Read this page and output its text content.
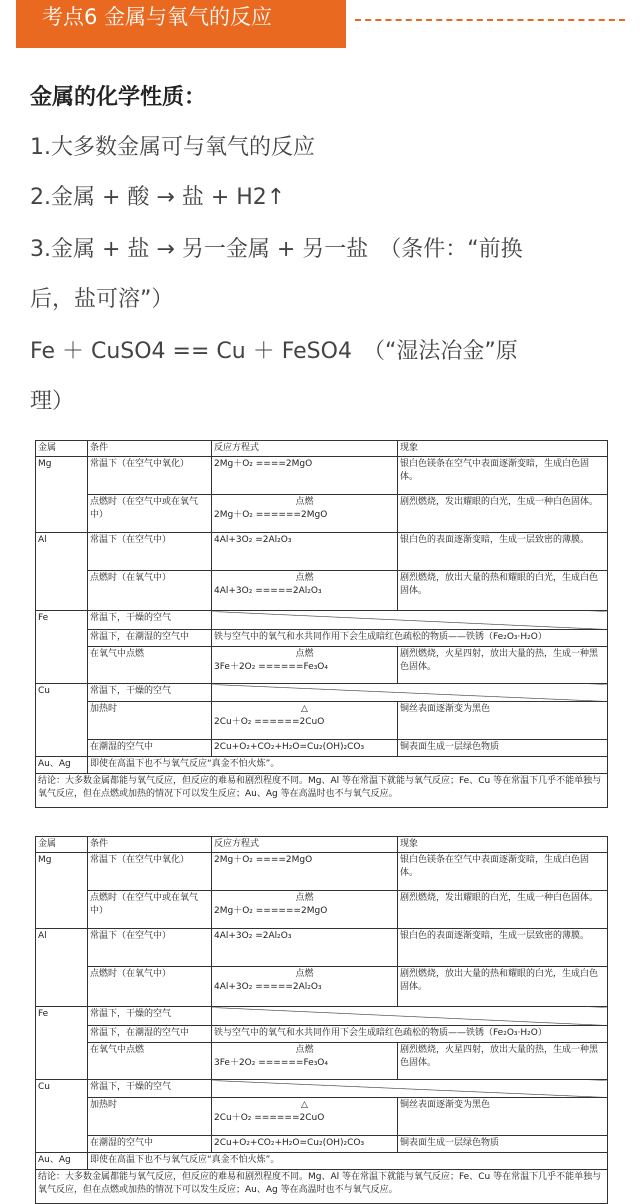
考点6 金属与氧气的反应
金属的化学性质：
1.大多数金属可与氧气的反应
2.金属 + 酸 → 盐 + H2↑
3.金属 + 盐 → 另一金属 + 另一盐　（条件：“前换
后，盐可溶”）
Fe ＋ CuSO4 == Cu ＋ FeSO4　（“湿法冶金”原
理）
金属	条件	反应方程式	现象
Mg	常温下（在空气中氧化）	2Mg＋O₂ ====2MgO	银白色镁条在空气中表面逐渐变暗，生成白色固体。
	点燃时（在空气中或在氧气中）	点燃
2Mg＋O₂ ======2MgO	剧烈燃烧，发出耀眼的白光，生成一种白色固体。
Al	常温下（在空气中）	4Al+3O₂ =2Al₂O₃	银白色的表面逐渐变暗，生成一层致密的薄膜。
	点燃时（在氧气中）	点燃
4Al+3O₂ =====2Al₂O₃	剧烈燃烧，放出大量的热和耀眼的白光，生成白色固体。
Fe	常温下，干燥的空气		
	常温下，在潮湿的空气中	铁与空气中的氧气和水共同作用下会生成暗红色疏松的物质——铁锈（Fe₂O₃·H₂O）	
	在氧气中点燃	点燃
3Fe＋2O₂ ======Fe₃O₄	剧烈燃烧，火星四射，放出大量的热，生成一种黑色固体。
Cu	常温下，干燥的空气		
	加热时	△
2Cu＋O₂ ======2CuO	铜丝表面逐渐变为黑色
	在潮湿的空气中	2Cu+O₂+CO₂+H₂O=Cu₂(OH)₂CO₃	铜表面生成一层绿色物质
Au、Ag	即使在高温下也不与氧气反应“真金不怕火炼”。		
结论：大多数金属都能与氧气反应，但反应的难易和剧烈程度不同。Mg、Al 等在常温下就能与氧气反应；Fe、Cu 等在常温下几乎不能单独与氧气反应，但在点燃或加热的情况下可以发生反应；Au、Ag 等在高温时也不与氧气反应。			
金属	条件	反应方程式	现象
Mg	常温下（在空气中氧化）	2Mg＋O₂ ====2MgO	银白色镁条在空气中表面逐渐变暗，生成白色固体。
	点燃时（在空气中或在氧气中）	点燃
2Mg＋O₂ ======2MgO	剧烈燃烧，发出耀眼的白光，生成一种白色固体。
Al	常温下（在空气中）	4Al+3O₂ =2Al₂O₃	银白色的表面逐渐变暗，生成一层致密的薄膜。
	点燃时（在氧气中）	点燃
4Al+3O₂ =====2Al₂O₃	剧烈燃烧，放出大量的热和耀眼的白光，生成白色固体。
Fe	常温下，干燥的空气		
	常温下，在潮湿的空气中	铁与空气中的氧气和水共同作用下会生成暗红色疏松的物质——铁锈（Fe₂O₃·H₂O）	
	在氧气中点燃	点燃
3Fe＋2O₂ ======Fe₃O₄	剧烈燃烧，火星四射，放出大量的热，生成一种黑色固体。
Cu	常温下，干燥的空气		
	加热时	△
2Cu＋O₂ ======2CuO	铜丝表面逐渐变为黑色
	在潮湿的空气中	2Cu+O₂+CO₂+H₂O=Cu₂(OH)₂CO₃	铜表面生成一层绿色物质
Au、Ag	即使在高温下也不与氧气反应“真金不怕火炼”。		
结论：大多数金属都能与氧气反应，但反应的难易和剧烈程度不同。Mg、Al 等在常温下就能与氧气反应；Fe、Cu 等在常温下几乎不能单独与氧气反应，但在点燃或加热的情况下可以发生反应；Au、Ag 等在高温时也不与氧气反应。			
